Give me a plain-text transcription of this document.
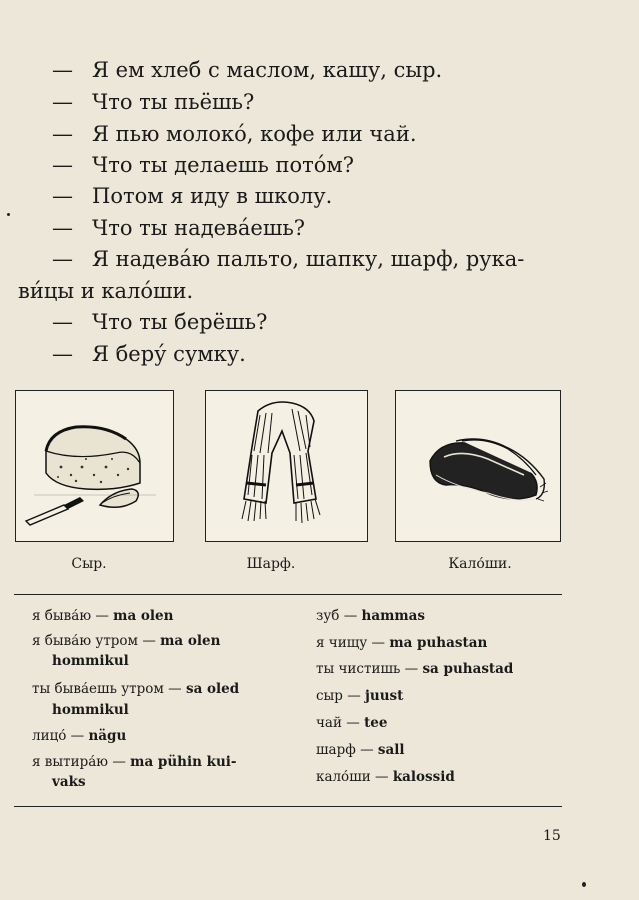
— Я ем хлеб с маслом, кашу, сыр.
— Что ты пьёшь?
— Я пью молоко́, кофе или чай.
— Что ты делаешь пото́м?
— Потом я иду в школу.
— Что ты надева́ешь?
— Я надева́ю пальто, шапку, шарф, рука-
ви́цы и кало́ши.
— Что ты берёшь?
— Я беру́ сумку.
Сыр.	Шарф.	Кало́ши.
я быва́ю — ma olen
я быва́ю утром — ma olen
hommikul
ты быва́ешь утром — sa oled
hommikul
лицо́ — nägu
я вытира́ю — ma pühin kui-
vaks
зуб — hammas
я чищу — ma puhastan
ты чистишь — sa puhastad
сыр — juust
чай — tee
шарф — sall
кало́ши — kalossid
15
